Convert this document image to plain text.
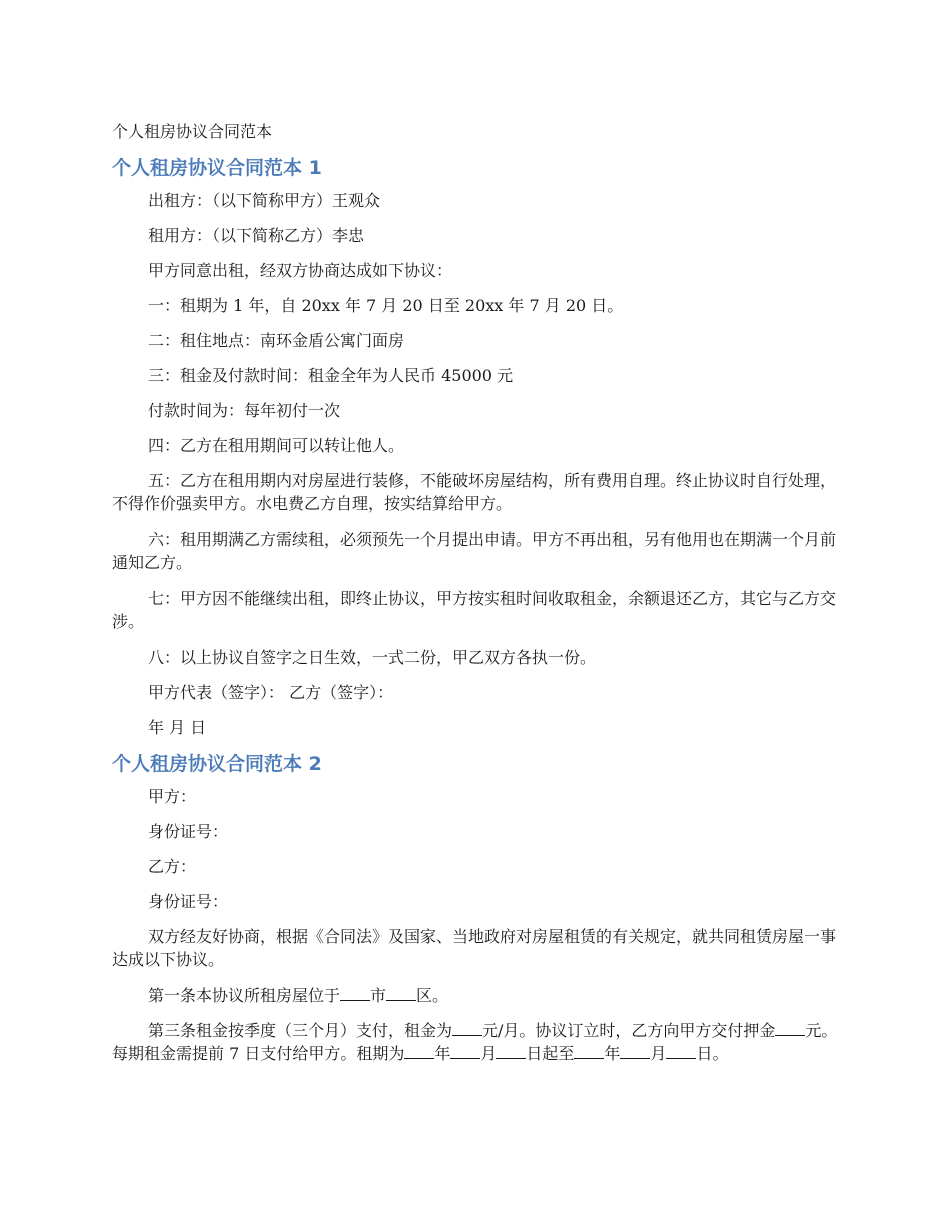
个人租房协议合同范本
个人租房协议合同范本 1

出租方：（以下简称甲方）王观众

租用方：（以下简称乙方）李忠

甲方同意出租，经双方协商达成如下协议：

一：租期为 1 年，自 20xx 年 7 月 20 日至 20xx 年 7 月 20 日。

二：租住地点：南环金盾公寓门面房

三：租金及付款时间：租金全年为人民币 45000 元

付款时间为：每年初付一次

四：乙方在租用期间可以转让他人。

五：乙方在租用期内对房屋进行装修，不能破坏房屋结构，所有费用自理。终止协议时自行处理，不得作价强卖甲方。水电费乙方自理，按实结算给甲方。

六：租用期满乙方需续租，必须预先一个月提出申请。甲方不再出租，另有他用也在期满一个月前通知乙方。

七：甲方因不能继续出租，即终止协议，甲方按实租时间收取租金，余额退还乙方，其它与乙方交涉。

八：以上协议自签字之日生效，一式二份，甲乙双方各执一份。

甲方代表（签字）： 乙方（签字）：

年 月 日

个人租房协议合同范本 2

甲方：

身份证号：

乙方：

身份证号：

双方经友好协商，根据《合同法》及国家、当地政府对房屋租赁的有关规定，就共同租赁房屋一事达成以下协议。

第一条本协议所租房屋位于 市 区。

第三条租金按季度（三个月）支付，租金为 元/月。协议订立时，乙方向甲方交付押金 元。每期租金需提前 7 日支付给甲方。租期为 年 月 日起至 年 月 日。
